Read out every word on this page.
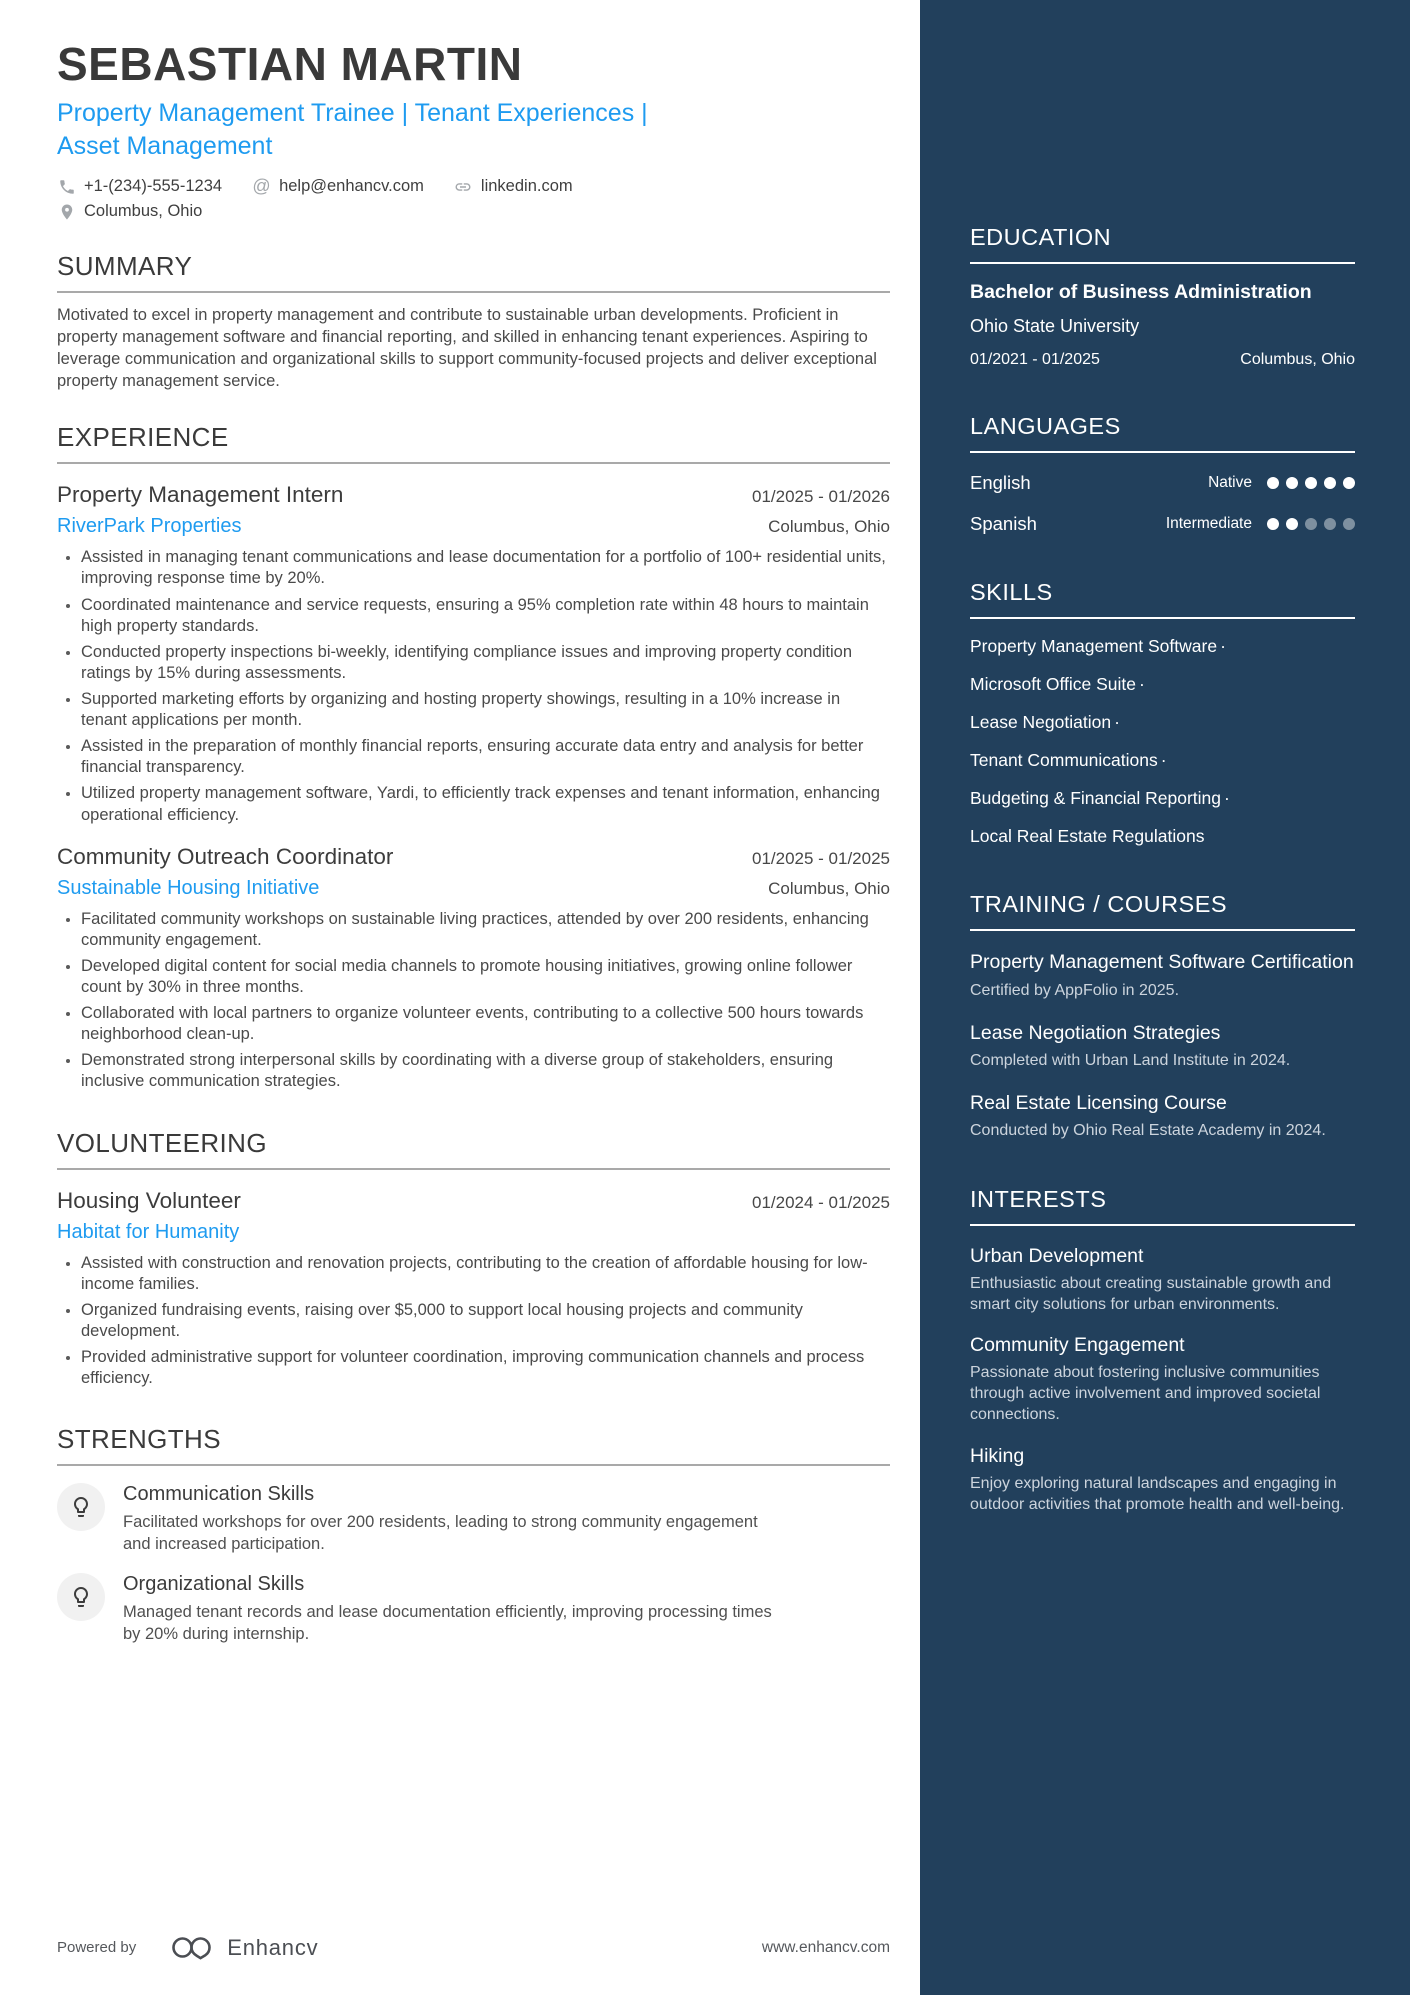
SEBASTIAN MARTIN
Property Management Trainee | Tenant Experiences |
Asset Management
+1-(234)-555-1234 @ help@enhancv.com	linkedin.com
Columbus, Ohio
SUMMARY

Motivated to excel in property management and contribute to sustainable urban developments. Proficient in property management software and financial reporting, and skilled in enhancing tenant experiences. Aspiring to leverage communication and organizational skills to support community-focused projects and deliver exceptional property management service.

EXPERIENCE
Property Management Intern	01/2025 - 01/2026
RiverPark Properties	Columbus, Ohio
• Assisted in managing tenant communications and lease documentation for a portfolio of 100+ residential units, improving response time by 20%.
• Coordinated maintenance and service requests, ensuring a 95% completion rate within 48 hours to maintain high property standards.
• Conducted property inspections bi-weekly, identifying compliance issues and improving property condition ratings by 15% during assessments.
• Supported marketing efforts by organizing and hosting property showings, resulting in a 10% increase in tenant applications per month.
• Assisted in the preparation of monthly financial reports, ensuring accurate data entry and analysis for better financial transparency.
• Utilized property management software, Yardi, to efficiently track expenses and tenant information, enhancing operational efficiency.
Community Outreach Coordinator	01/2025 - 01/2025
Sustainable Housing Initiative	Columbus, Ohio
• Facilitated community workshops on sustainable living practices, attended by over 200 residents, enhancing community engagement.
• Developed digital content for social media channels to promote housing initiatives, growing online follower count by 30% in three months.
• Collaborated with local partners to organize volunteer events, contributing to a collective 500 hours towards neighborhood clean-up.
• Demonstrated strong interpersonal skills by coordinating with a diverse group of stakeholders, ensuring inclusive communication strategies.
VOLUNTEERING
Housing Volunteer	01/2024 - 01/2025
Habitat for Humanity
• Assisted with construction and renovation projects, contributing to the creation of affordable housing for low-income families.
• Organized fundraising events, raising over $5,000 to support local housing projects and community development.
• Provided administrative support for volunteer coordination, improving communication channels and process efficiency.
STRENGTHS
Communication Skills
Facilitated workshops for over 200 residents, leading to strong community engagement and increased participation.
Organizational Skills
Managed tenant records and lease documentation efficiently, improving processing times by 20% during internship.
Powered by	Enhancv	www.enhancv.com
EDUCATION
Bachelor of Business Administration
Ohio State University
01/2021 - 01/2025	Columbus, Ohio
LANGUAGES
English	Native
Spanish	Intermediate
SKILLS
Property Management Software ·
Microsoft Office Suite ·
Lease Negotiation ·
Tenant Communications ·
Budgeting & Financial Reporting ·
Local Real Estate Regulations
TRAINING / COURSES
Property Management Software Certification
Certified by AppFolio in 2025.
Lease Negotiation Strategies
Completed with Urban Land Institute in 2024.
Real Estate Licensing Course
Conducted by Ohio Real Estate Academy in 2024.
INTERESTS
Urban Development
Enthusiastic about creating sustainable growth and smart city solutions for urban environments.
Community Engagement
Passionate about fostering inclusive communities through active involvement and improved societal connections.
Hiking
Enjoy exploring natural landscapes and engaging in outdoor activities that promote health and well-being.
